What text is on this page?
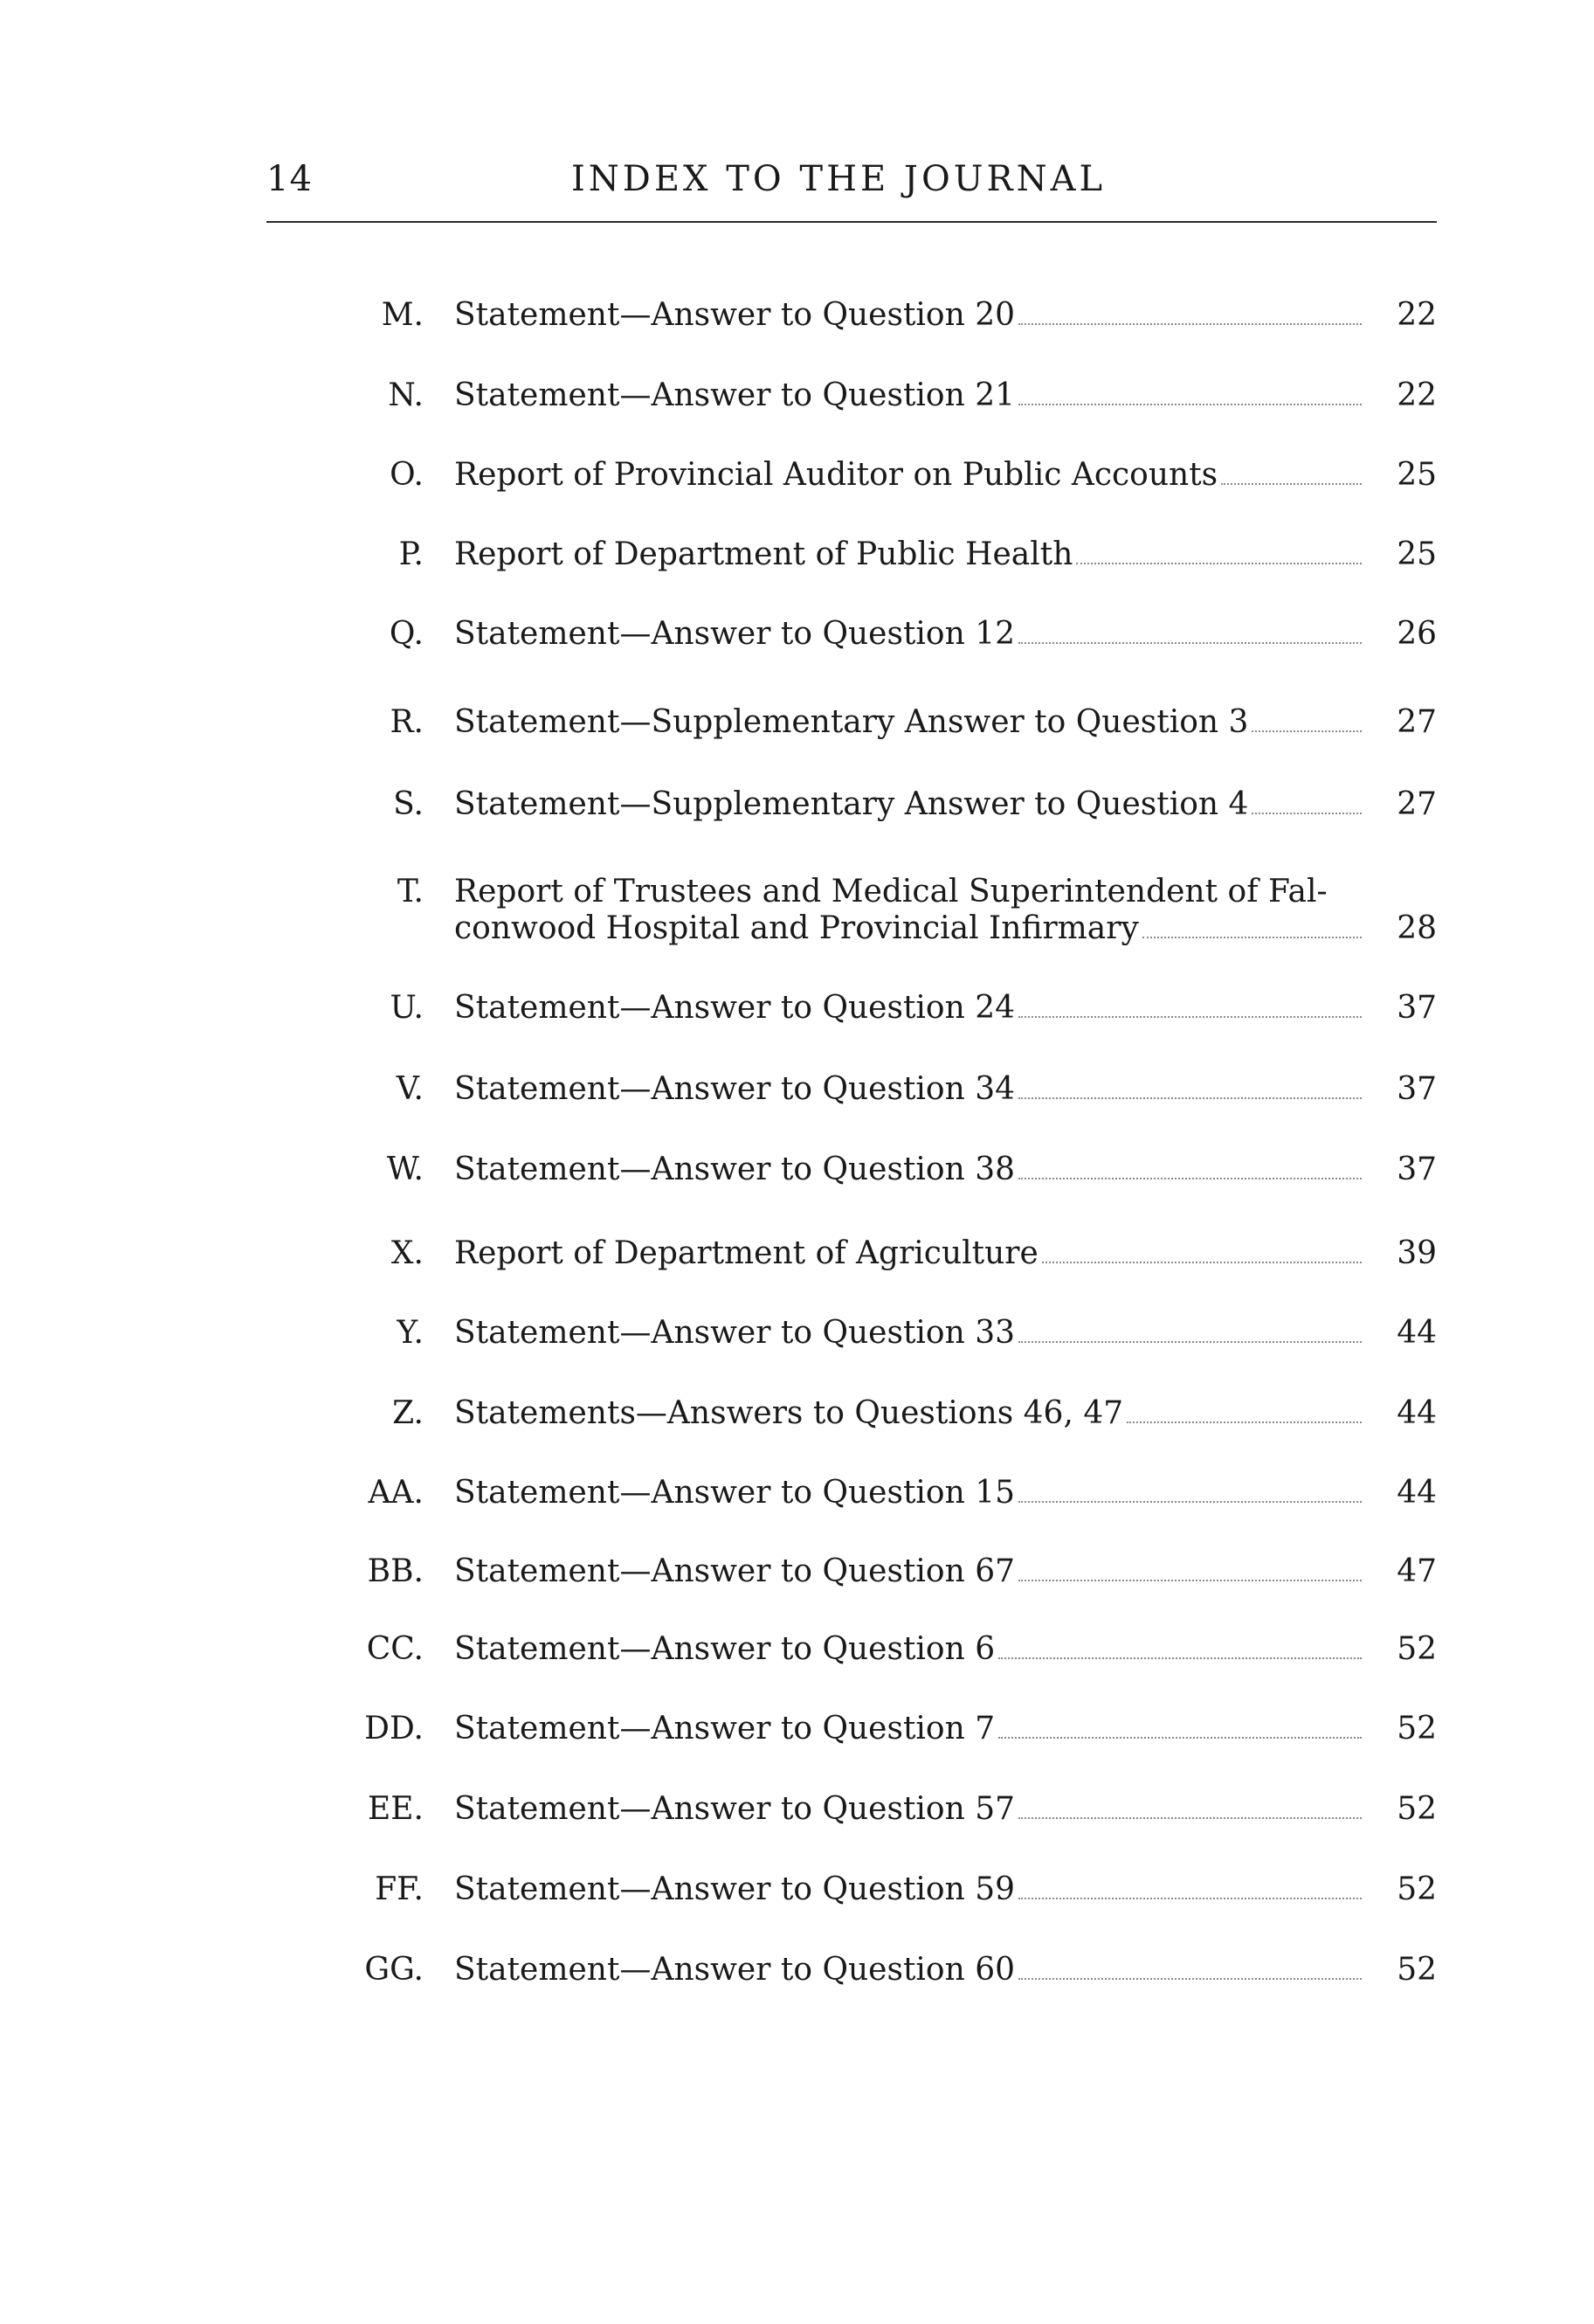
14	INDEX TO THE JOURNAL
M. Statement—Answer to Question 20	22
N. Statement—Answer to Question 21	22
O. Report of Provincial Auditor on Public Accounts	25
P. Report of Department of Public Health	25
Q. Statement—Answer to Question 12	26
R. Statement—Supplementary Answer to Question 3	27
S. Statement—Supplementary Answer to Question 4	27
T. Report of Trustees and Medical Superintendent of Fal-
conwood Hospital and Provincial Infirmary	28
U. Statement—Answer to Question 24	37
V. Statement—Answer to Question 34	37
W. Statement—Answer to Question 38	37
X. Report of Department of Agriculture	39
Y. Statement—Answer to Question 33	44
Z. Statements—Answers to Questions 46, 47	44
AA. Statement—Answer to Question 15	44
BB. Statement—Answer to Question 67	47
CC. Statement—Answer to Question 6	52
DD. Statement—Answer to Question 7	52
EE. Statement—Answer to Question 57	52
FF. Statement—Answer to Question 59	52
GG. Statement—Answer to Question 60	52
